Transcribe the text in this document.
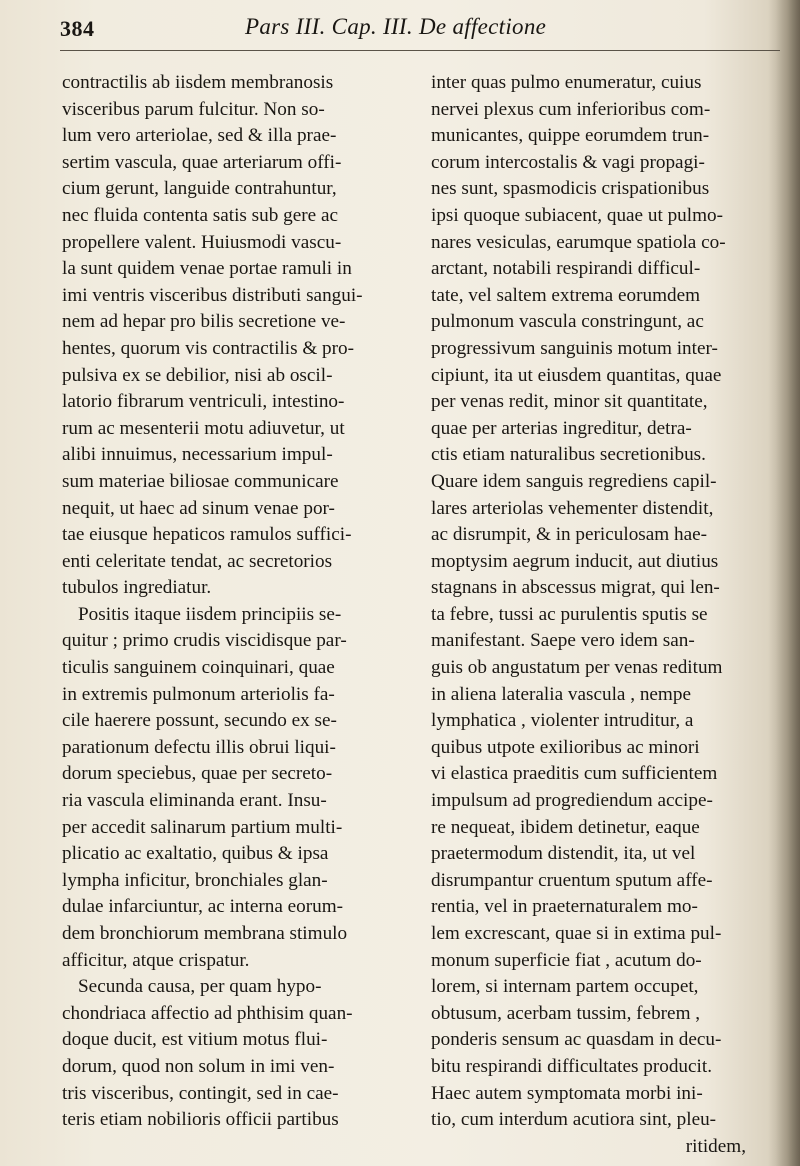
384	Pars III. Cap. III. De affectione
contractilis ab iisdem membranosis
visceribus parum fulcitur. Non so-
lum vero arteriolae, sed & illa prae-
sertim vascula, quae arteriarum offi-
cium gerunt, languide contrahuntur,
nec fluida contenta satis sub gere ac
propellere valent. Huiusmodi vascu-
la sunt quidem venae portae ramuli in
imi ventris visceribus distributi sangui-
nem ad hepar pro bilis secretione ve-
hentes, quorum vis contractilis & pro-
pulsiva ex se debilior, nisi ab oscil-
latorio fibrarum ventriculi, intestino-
rum ac mesenterii motu adiuvetur, ut
alibi innuimus, necessarium impul-
sum materiae biliosae communicare
nequit, ut haec ad sinum venae por-
tae eiusque hepaticos ramulos suffici-
enti celeritate tendat, ac secretorios
tubulos ingrediatur.
Positis itaque iisdem principiis se-
quitur ; primo crudis viscidisque par-
ticulis sanguinem coinquinari, quae
in extremis pulmonum arteriolis fa-
cile haerere possunt, secundo ex se-
parationum defectu illis obrui liqui-
dorum speciebus, quae per secreto-
ria vascula eliminanda erant. Insu-
per accedit salinarum partium multi-
plicatio ac exaltatio, quibus & ipsa
lympha inficitur, bronchiales glan-
dulae infarciuntur, ac interna eorum-
dem bronchiorum membrana stimulo
afficitur, atque crispatur.
Secunda causa, per quam hypo-
chondriaca affectio ad phthisim quan-
doque ducit, est vitium motus flui-
dorum, quod non solum in imi ven-
tris visceribus, contingit, sed in cae-
teris etiam nobilioris officii partibus
inter quas pulmo enumeratur, cuius
nervei plexus cum inferioribus com-
municantes, quippe eorumdem trun-
corum intercostalis & vagi propagi-
nes sunt, spasmodicis crispationibus
ipsi quoque subiacent, quae ut pulmo-
nares vesiculas, earumque spatiola co-
arctant, notabili respirandi difficul-
tate, vel saltem extrema eorumdem
pulmonum vascula constringunt, ac
progressivum sanguinis motum inter-
cipiunt, ita ut eiusdem quantitas, quae
per venas redit, minor sit quantitate,
quae per arterias ingreditur, detra-
ctis etiam naturalibus secretionibus.
Quare idem sanguis regrediens capil-
lares arteriolas vehementer distendit,
ac disrumpit, & in periculosam hae-
moptysim aegrum inducit, aut diutius
stagnans in abscessus migrat, qui len-
ta febre, tussi ac purulentis sputis se
manifestant. Saepe vero idem san-
guis ob angustatum per venas reditum
in aliena lateralia vascula , nempe
lymphatica , violenter intruditur, a
quibus utpote exilioribus ac minori
vi elastica praeditis cum sufficientem
impulsum ad progrediendum accipe-
re nequeat, ibidem detinetur, eaque
praetermodum distendit, ita, ut vel
disrumpantur cruentum sputum affe-
rentia, vel in praeternaturalem mo-
lem excrescant, quae si in extima pul-
monum superficie fiat , acutum do-
lorem, si internam partem occupet,
obtusum, acerbam tussim, febrem ,
ponderis sensum ac quasdam in decu-
bitu respirandi difficultates producit.
Haec autem symptomata morbi ini-
tio, cum interdum acutiora sint, pleu-
ritidem,
